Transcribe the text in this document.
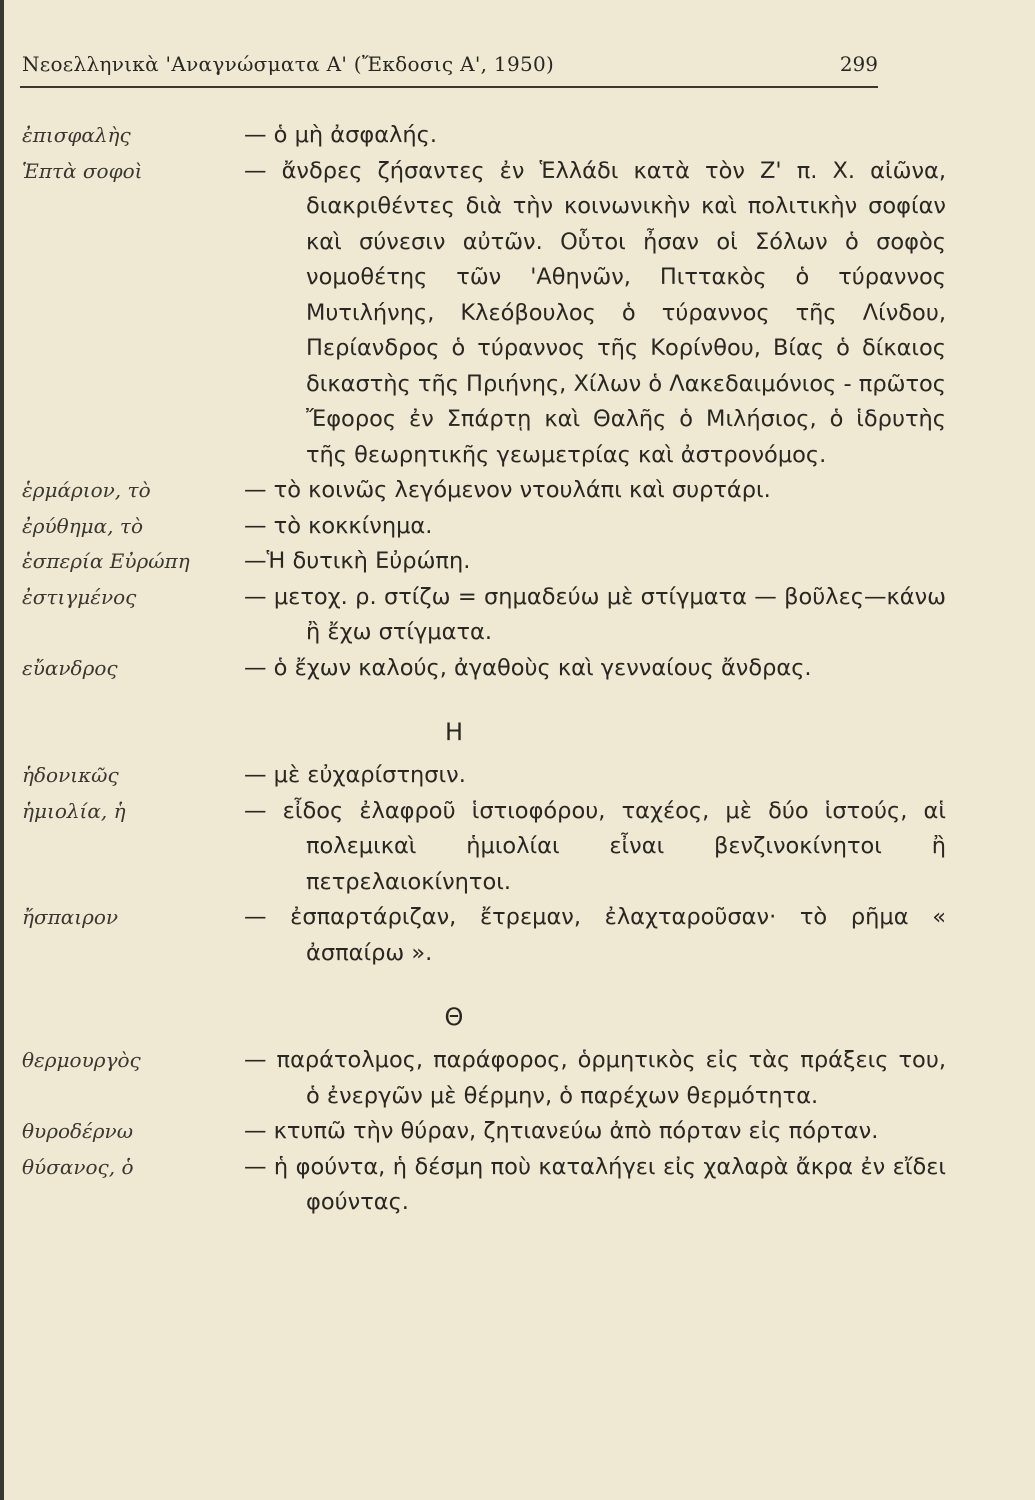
Νεοελληνικὰ 'Αναγνώσματα Α' (Ἔκδοσις Α', 1950)	299
ἐπισφαλὴς	— ὁ μὴ ἀσφαλής.
Ἑπτὰ σοφοὶ	— ἄνδρες ζήσαντες ἐν Ἑλλάδι κατὰ τὸν Ζ' π. Χ. αἰῶνα, διακριθέντες διὰ τὴν κοινωνικὴν καὶ πολιτικὴν σοφίαν καὶ σύνεσιν αὐτῶν. Οὗτοι ἦσαν οἱ Σόλων ὁ σοφὸς νομοθέτης τῶν 'Αθηνῶν, Πιττακὸς ὁ τύραννος Μυτιλήνης, Κλεόβουλος ὁ τύραννος τῆς Λίνδου, Περίανδρος ὁ τύραννος τῆς Κορίνθου, Βίας ὁ δίκαιος δικαστὴς τῆς Πριήνης, Χίλων ὁ Λακεδαιμόνιος - πρῶτος Ἔφορος ἐν Σπάρτῃ καὶ Θαλῆς ὁ Μιλήσιος, ὁ ἱδρυτὴς τῆς θεωρητικῆς γεωμετρίας καὶ ἀστρονόμος.
ἑρμάριον, τὸ	— τὸ κοινῶς λεγόμενον ντουλάπι καὶ συρτάρι.
ἐρύθημα, τὸ	— τὸ κοκκίνημα.
ἑσπερία Εὐρώπη	—Ἡ δυτικὴ Εὐρώπη.
ἐστιγμένος	— μετοχ. ρ. στίζω = σημαδεύω μὲ στίγματα — βοῦλες—κάνω ἢ ἔχω στίγματα.
εὔανδρος	— ὁ ἔχων καλούς, ἀγαθοὺς καὶ γενναίους ἄνδρας.
Η
ἡδονικῶς	— μὲ εὐχαρίστησιν.
ἡμιολία, ἡ	— εἶδος ἐλαφροῦ ἱστιοφόρου, ταχέος, μὲ δύο ἱστούς, αἱ πολεμικαὶ ἡμιολίαι εἶναι βενζινοκίνητοι ἢ πετρελαιοκίνητοι.
ἤσπαιρον	— ἐσπαρτάριζαν, ἔτρεμαν, ἐλαχταροῦσαν· τὸ ρῆμα « ἀσπαίρω ».
Θ
θερμουργὸς	— παράτολμος, παράφορος, ὁρμητικὸς εἰς τὰς πράξεις του, ὁ ἐνεργῶν μὲ θέρμην, ὁ παρέχων θερμότητα.
θυροδέρνω	— κτυπῶ τὴν θύραν, ζητιανεύω ἀπὸ πόρταν εἰς πόρταν.
θύσανος, ὁ	— ἡ φούντα, ἡ δέσμη ποὺ καταλήγει εἰς χαλαρὰ ἄκρα ἐν εἴδει φούντας.
